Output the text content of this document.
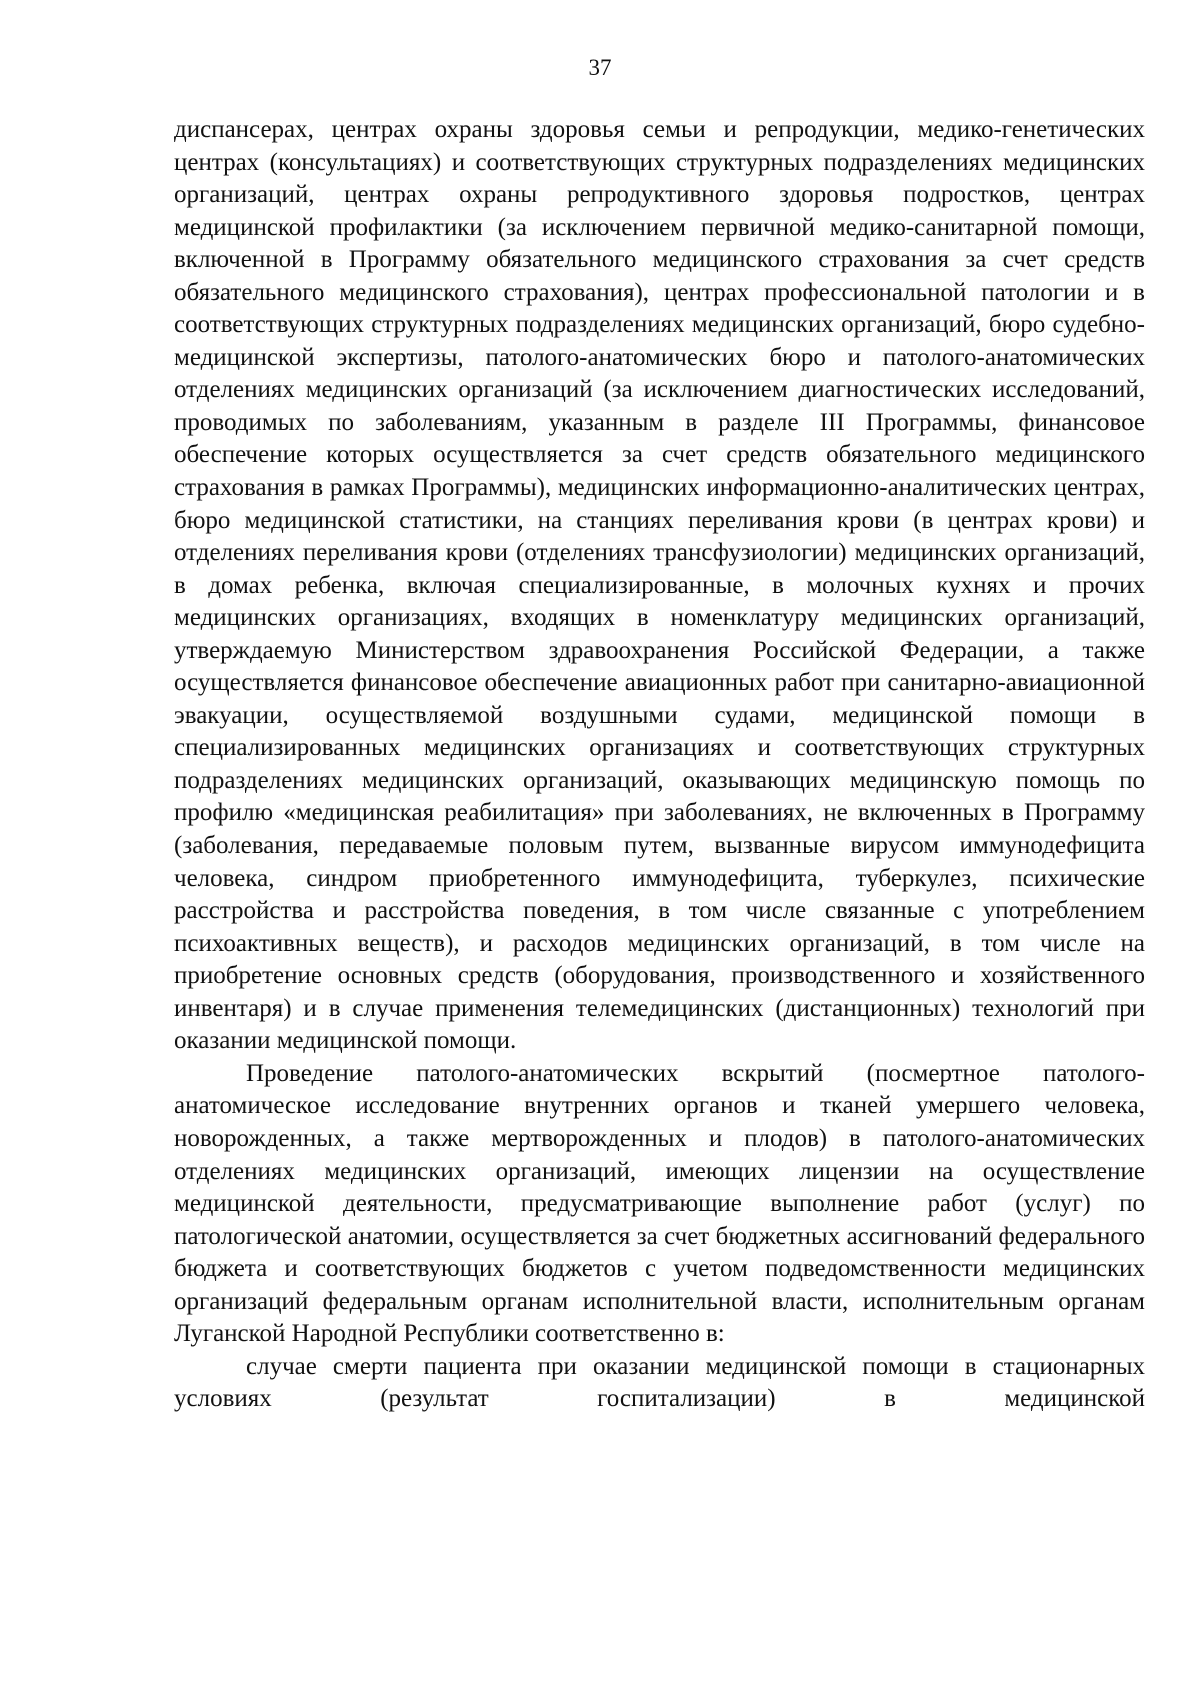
37

диспансерах, центрах охраны здоровья семьи и репродукции, медико-генетических центрах (консультациях) и соответствующих структурных подразделениях медицинских организаций, центрах охраны репродуктивного здоровья подростков, центрах медицинской профилактики (за исключением первичной медико-санитарной помощи, включенной в Программу обязательного медицинского страхования за счет средств обязательного медицинского страхования), центрах профессиональной патологии и в соответствующих структурных подразделениях медицинских организаций, бюро судебно-медицинской экспертизы, патолого-анатомических бюро и патолого-анатомических отделениях медицинских организаций (за исключением диагностических исследований, проводимых по заболеваниям, указанным в разделе III Программы, финансовое обеспечение которых осуществляется за счет средств обязательного медицинского страхования в рамках Программы), медицинских информационно-аналитических центрах, бюро медицинской статистики, на станциях переливания крови (в центрах крови) и отделениях переливания крови (отделениях трансфузиологии) медицинских организаций, в домах ребенка, включая специализированные, в молочных кухнях и прочих медицинских организациях, входящих в номенклатуру медицинских организаций, утверждаемую Министерством здравоохранения Российской Федерации, а также осуществляется финансовое обеспечение авиационных работ при санитарно-авиационной эвакуации, осуществляемой воздушными судами, медицинской помощи в специализированных медицинских организациях и соответствующих структурных подразделениях медицинских организаций, оказывающих медицинскую помощь по профилю «медицинская реабилитация» при заболеваниях, не включенных в Программу (заболевания, передаваемые половым путем, вызванные вирусом иммунодефицита человека, синдром приобретенного иммунодефицита, туберкулез, психические расстройства и расстройства поведения, в том числе связанные с употреблением психоактивных веществ), и расходов медицинских организаций, в том числе на приобретение основных средств (оборудования, производственного и хозяйственного инвентаря) и в случае применения телемедицинских (дистанционных) технологий при оказании медицинской помощи.

Проведение патолого-анатомических вскрытий (посмертное патолого-анатомическое исследование внутренних органов и тканей умершего человека, новорожденных, а также мертворожденных и плодов) в патолого-анатомических отделениях медицинских организаций, имеющих лицензии на осуществление медицинской деятельности, предусматривающие выполнение работ (услуг) по патологической анатомии, осуществляется за счет бюджетных ассигнований федерального бюджета и соответствующих бюджетов с учетом подведомственности медицинских организаций федеральным органам исполнительной власти, исполнительным органам Луганской Народной Республики соответственно в:

случае смерти пациента при оказании медицинской помощи в стационарных условиях (результат госпитализации) в медицинской
